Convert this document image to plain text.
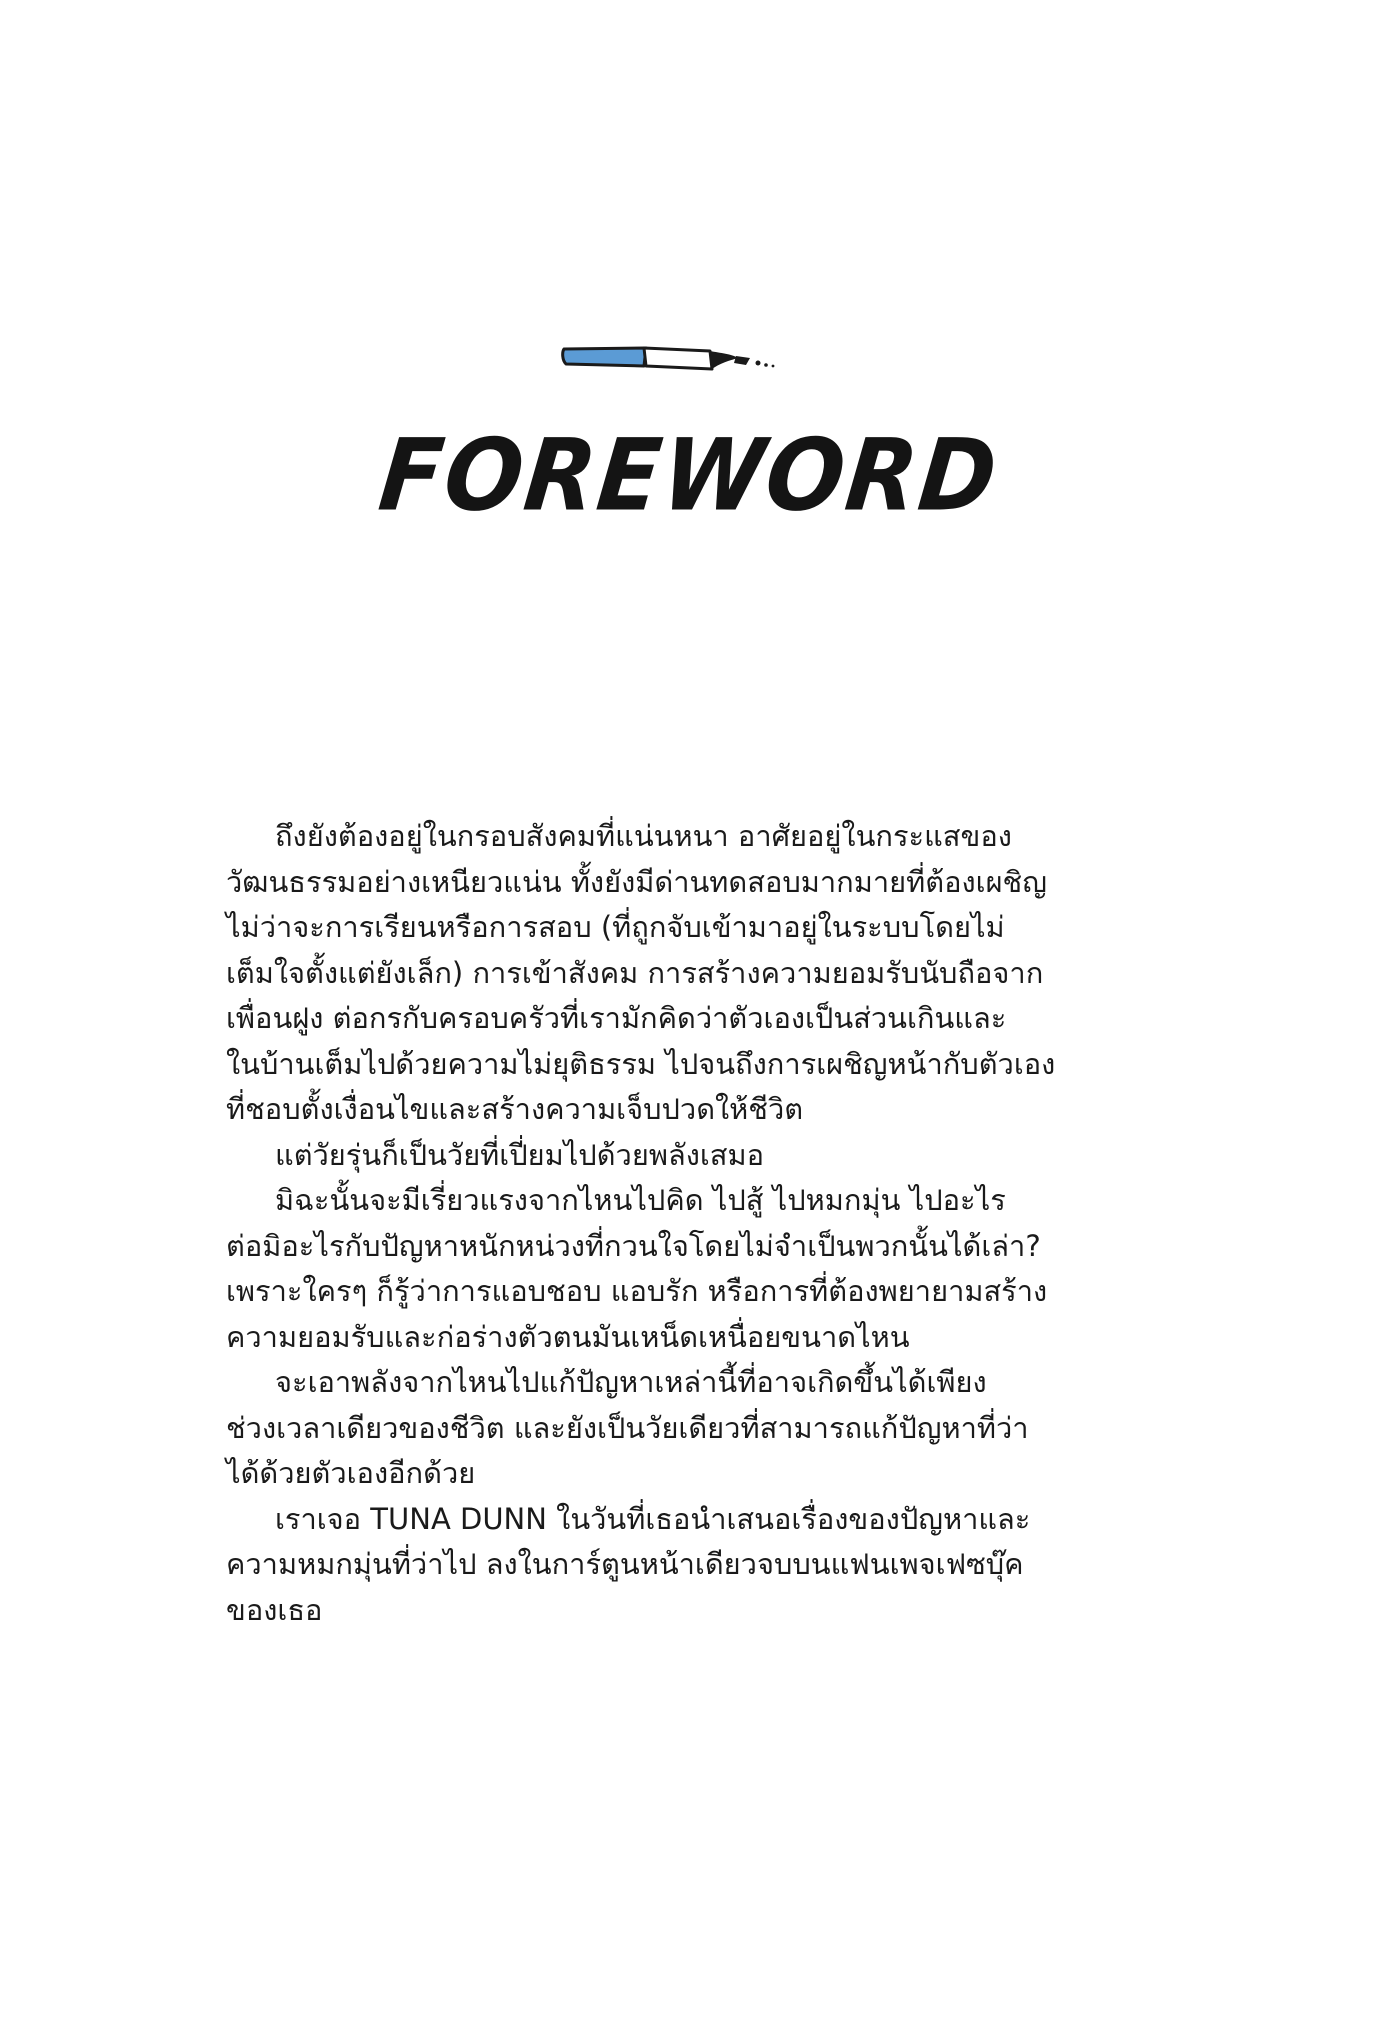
FOREWORD
ถึงยังต้องอยู่ในกรอบสังคมที่แน่นหนา อาศัยอยู่ในกระแสของ
วัฒนธรรมอย่างเหนียวแน่น ทั้งยังมีด่านทดสอบมากมายที่ต้องเผชิญ
ไม่ว่าจะการเรียนหรือการสอบ (ที่ถูกจับเข้ามาอยู่ในระบบโดยไม่
เต็มใจตั้งแต่ยังเล็ก) การเข้าสังคม การสร้างความยอมรับนับถือจาก
เพื่อนฝูง ต่อกรกับครอบครัวที่เรามักคิดว่าตัวเองเป็นส่วนเกินและ
ในบ้านเต็มไปด้วยความไม่ยุติธรรม ไปจนถึงการเผชิญหน้ากับตัวเอง
ที่ชอบตั้งเงื่อนไขและสร้างความเจ็บปวดให้ชีวิต
แต่วัยรุ่นก็เป็นวัยที่เปี่ยมไปด้วยพลังเสมอ
มิฉะนั้นจะมีเรี่ยวแรงจากไหนไปคิด ไปสู้ ไปหมกมุ่น ไปอะไร
ต่อมิอะไรกับปัญหาหนักหน่วงที่กวนใจโดยไม่จำเป็นพวกนั้นได้เล่า?
เพราะใครๆ ก็รู้ว่าการแอบชอบ แอบรัก หรือการที่ต้องพยายามสร้าง
ความยอมรับและก่อร่างตัวตนมันเหน็ดเหนื่อยขนาดไหน
จะเอาพลังจากไหนไปแก้ปัญหาเหล่านี้ที่อาจเกิดขึ้นได้เพียง
ช่วงเวลาเดียวของชีวิต และยังเป็นวัยเดียวที่สามารถแก้ปัญหาที่ว่า
ได้ด้วยตัวเองอีกด้วย
เราเจอ TUNA DUNN ในวันที่เธอนำเสนอเรื่องของปัญหาและ
ความหมกมุ่นที่ว่าไป ลงในการ์ตูนหน้าเดียวจบบนแฟนเพจเฟซบุ๊ค
ของเธอ
